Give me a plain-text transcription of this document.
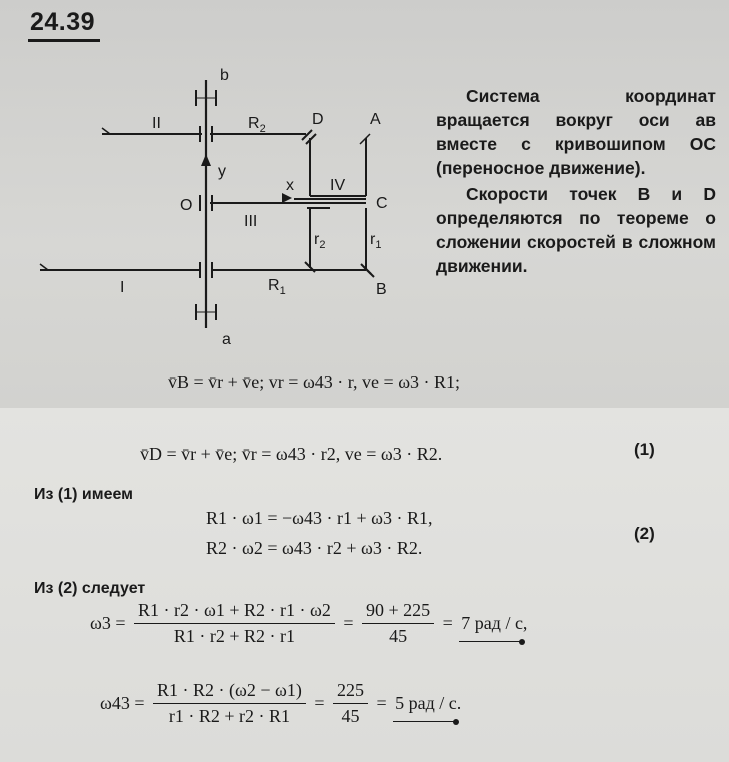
24.39
b
a
y
x
O
I
II
III
IV
A
B
C
D
$R_2$
$R_1$
$r_2$	$r_1$

Система координат вращается вокруг оси ав вместе с кривошипом ОС (переносное движение).

Скорости точек B и D определяются по теореме о сложении скоростей в сложном движении.

v̄B = v̄r + v̄e; vr = ω43 · r, ve = ω3 · R1;
v̄D = v̄r + v̄e; v̄r = ω43 · r2, ve = ω3 · R2.	(1)
Из (1) имеем
R1 · ω1 = −ω43 · r1 + ω3 · R1,
R2 · ω2 = ω43 · r2 + ω3 · R2.
(2)
Из (2) следует
$\omega 3 = \frac{R1 \cdot r2 \cdot \omega 1 + R2 \cdot r1 \cdot \omega 2}{R1 \cdot r2 + R2 \cdot r1} = \frac{90 + 225}{45} = 7$ рад / с,
$\omega 43 = \frac{R1 \cdot R2 \cdot (\omega 2 - \omega 1)}{r1 \cdot R2 + r2 \cdot R1} = \frac{225}{45} = 5$ рад / с.
